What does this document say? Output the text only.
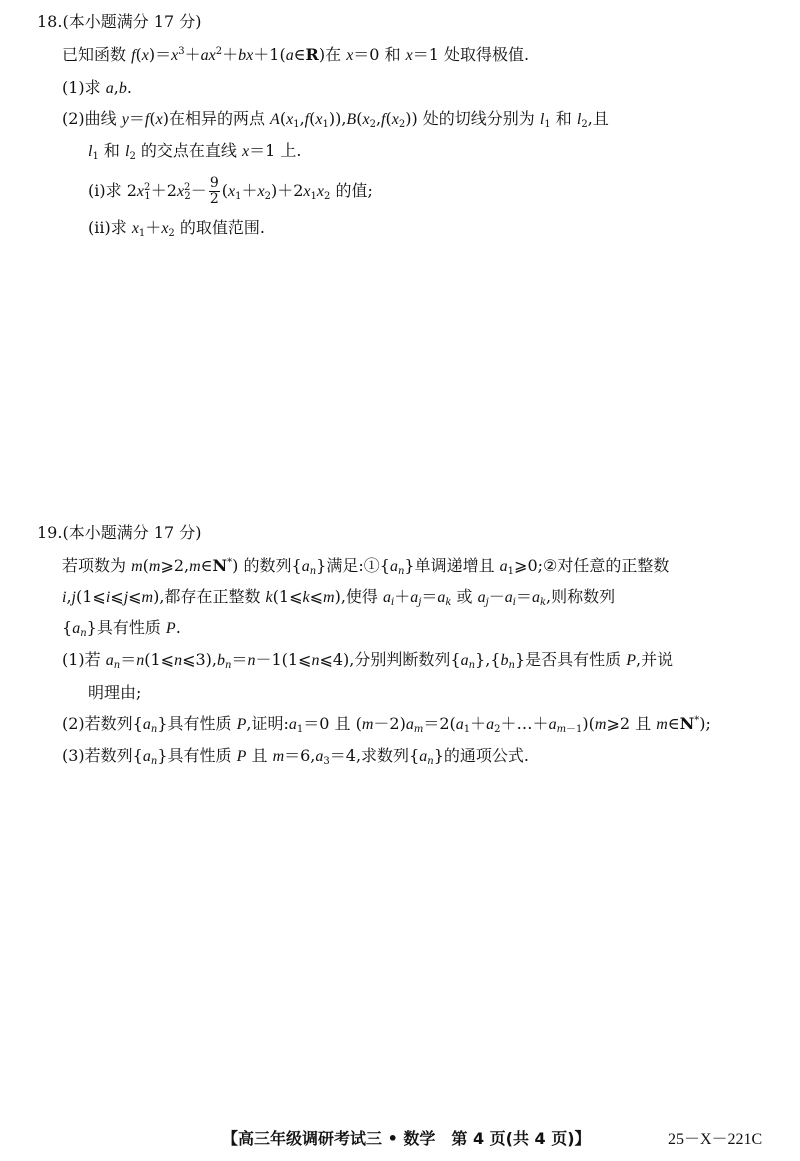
18.(本小题满分 17 分)
已知函数 $f(x)=x^3+ax^2+bx+1(a\in R)$在 x＝0 和 x＝1 处取得极值.
(1)求 a,b.
(2)曲线 y＝f(x)在相异的两点 $A(x_1,f(x_1)),B(x_2,f(x_2))$ 处的切线分别为 $l_1$ 和 $l_2$,且
$l_1$ 和 $l_2$ 的交点在直线 x＝1 上.
(i)求 $2x^2_1+2x^2_2- \frac{9}{2} (x_1+x_2)+2x_1x_2$ 的值;
(ii)求 $x_1+x_2$ 的取值范围.
19.(本小题满分 17 分)
若项数为 m(m⩾2,m∈N*) 的数列$\{a_n\}$满足$:①\{a_n\}$单调递增且 $a_1⩾0;②$对任意的正整数
i,j(1⩽i⩽j⩽m),都存在正整数 k(1⩽k⩽m),使得 $a_i+a_j=a_k$ 或 $a_j-a_i=a_k$,则称数列
$\{a_n\}$具有性质 P.
(1)若 $a_n=n(1⩽n⩽3),b_n=n-1(1⩽n⩽4)$,分别判断数列$\{a_n\},\{b_n\}$是否具有性质 P,并说
明理由;
(2)若数列$\{a_n\}$具有性质 P,证明$:a_1=0$ 且 $(m-2)a_m=2(a_1+a_2+\dots+a_{m-1})(m⩾2$ 且 m∈N*);
(3)若数列$\{a_n\}$具有性质 P 且 $m=6,a_3=4$,求数列$\{a_n\}$的通项公式.
【高三年级调研考试三 • 数学　第 4 页(共 4 页)】	25－X－221C
